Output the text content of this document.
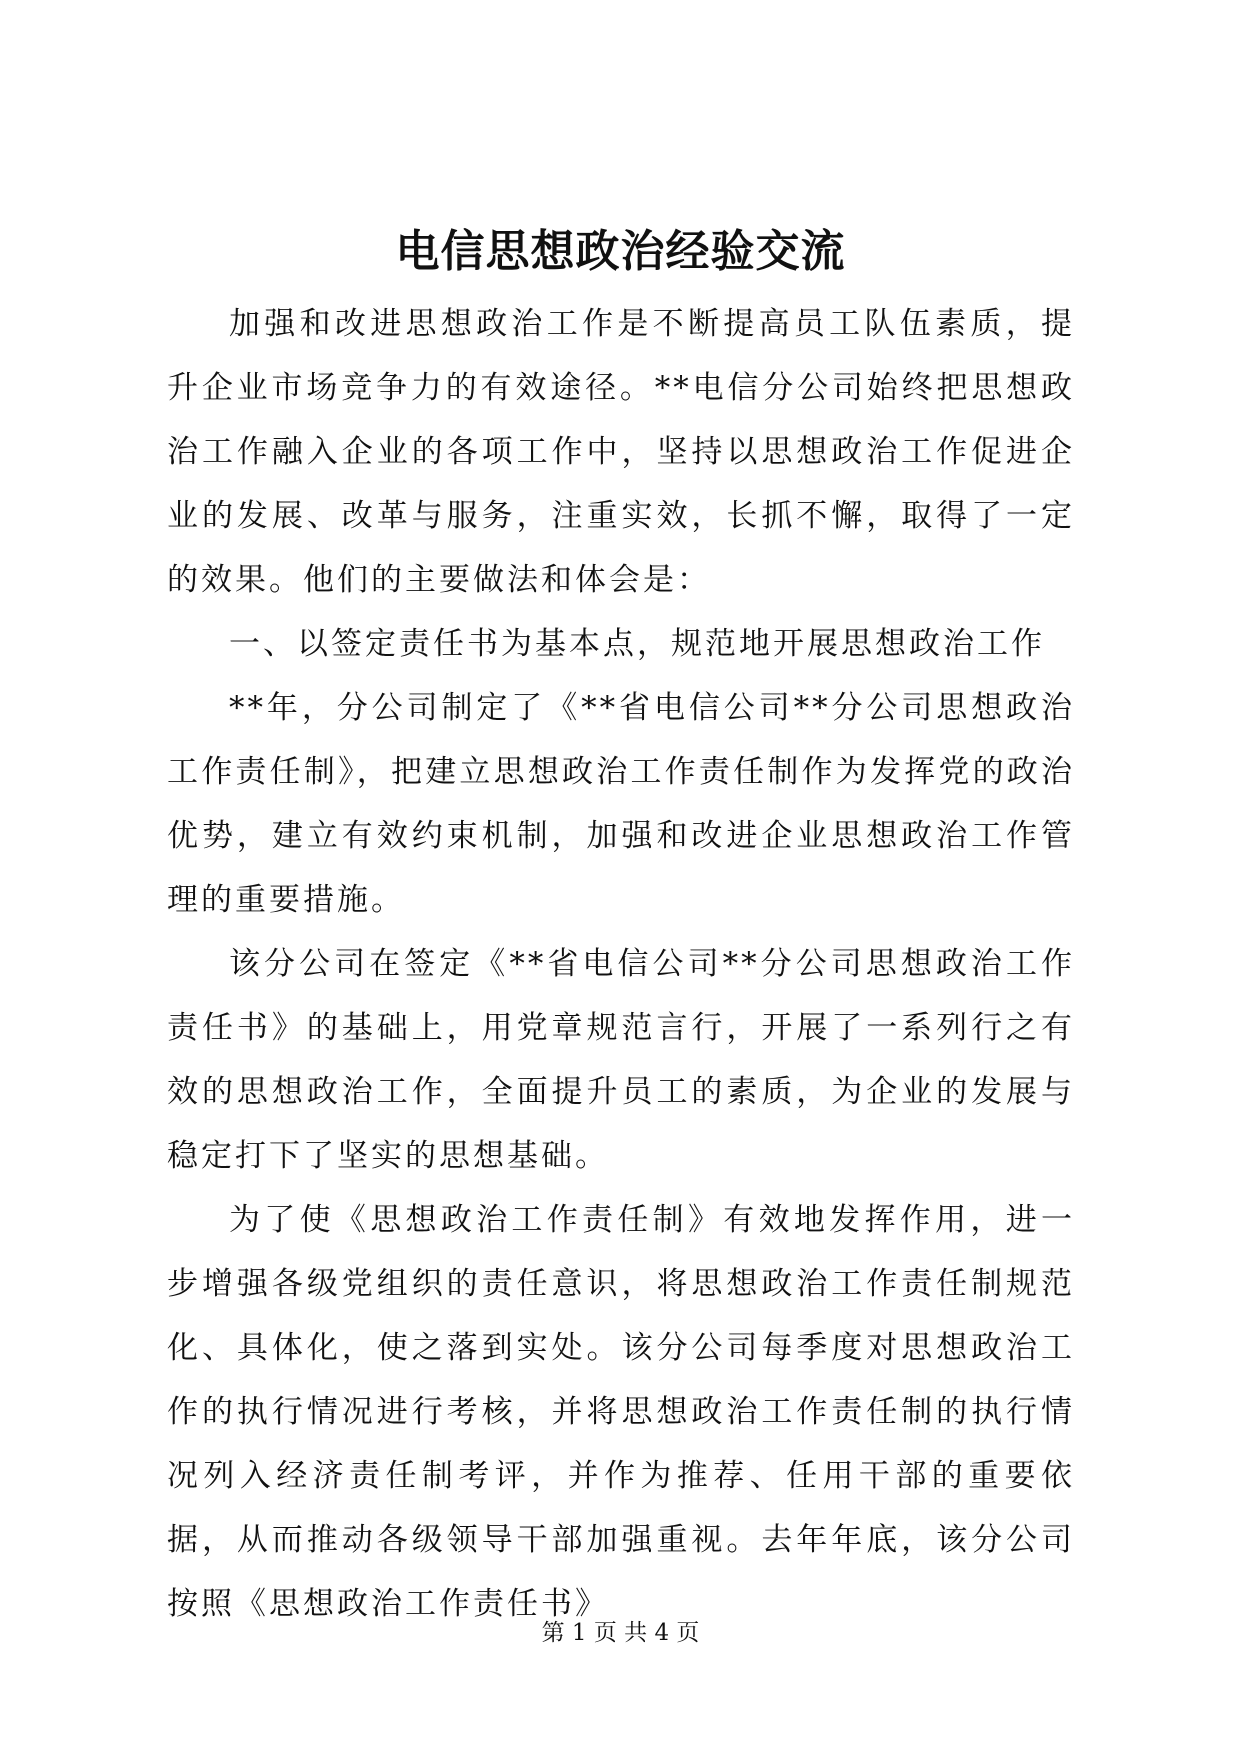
电信思想政治经验交流

加强和改进思想政治工作是不断提高员工队伍素质，提升企业市场竞争力的有效途径。**电信分公司始终把思想政治工作融入企业的各项工作中，坚持以思想政治工作促进企业的发展、改革与服务，注重实效，长抓不懈，取得了一定的效果。他们的主要做法和体会是：

一、以签定责任书为基本点，规范地开展思想政治工作

**年，分公司制定了《**省电信公司**分公司思想政治工作责任制》，把建立思想政治工作责任制作为发挥党的政治优势，建立有效约束机制，加强和改进企业思想政治工作管理的重要措施。

该分公司在签定《**省电信公司**分公司思想政治工作责任书》的基础上，用党章规范言行，开展了一系列行之有效的思想政治工作，全面提升员工的素质，为企业的发展与稳定打下了坚实的思想基础。

为了使《思想政治工作责任制》有效地发挥作用，进一步增强各级党组织的责任意识，将思想政治工作责任制规范化、具体化，使之落到实处。该分公司每季度对思想政治工作的执行情况进行考核，并将思想政治工作责任制的执行情况列入经济责任制考评，并作为推荐、任用干部的重要依据，从而推动各级领导干部加强重视。去年年底，该分公司按照《思想政治工作责任书》

第 1 页 共 4 页
